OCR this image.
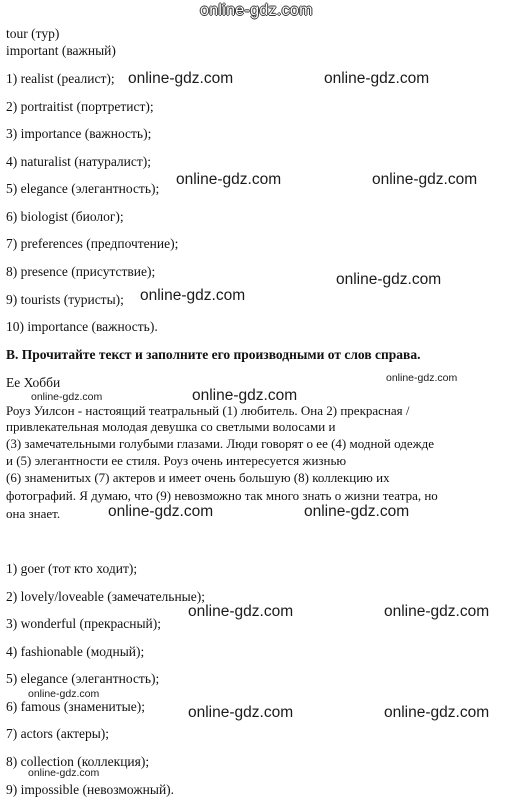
online-gdz.com
tour (тур)
important (важный)
1) realist (реалист);
2) portraitist (портретист);
3) importance (важность);
4) naturalist (натуралист);
5) elegance (элегантность);
6) biologist (биолог);
7) preferences (предпочтение);
8) presence (присутствие);
9) tourists (туристы);
10) importance (важность).
B. Прочитайте текст и заполните его производными от слов справа.
Ее Хобби
Роуз Уилсон - настоящий театральный (1) любитель. Она 2) прекрасная /
привлекательная молодая девушка со светлыми волосами и
(3) замечательными голубыми глазами. Люди говорят о ее (4) модной одежде
и (5) элегантности ее стиля. Роуз очень интересуется жизнью
(6) знаменитых (7) актеров и имеет очень большую (8) коллекцию их
фотографий. Я думаю, что (9) невозможно так много знать о жизни театра, но
она знает.
1) goer (тот кто ходит);
2) lovely/loveable (замечательные);
3) wonderful (прекрасный);
4) fashionable (модный);
5) elegance (элегантность);
6) famous (знаменитые);
7) actors (актеры);
8) collection (коллекция);
9) impossible (невозможный).
online-gdz.com	online-gdz.com
online-gdz.com	online-gdz.com
online-gdz.com
online-gdz.com
online-gdz.com
online-gdz.com	online-gdz.com
online-gdz.com	online-gdz.com
online-gdz.com	online-gdz.com
online-gdz.com
online-gdz.com	online-gdz.com
online-gdz.com
